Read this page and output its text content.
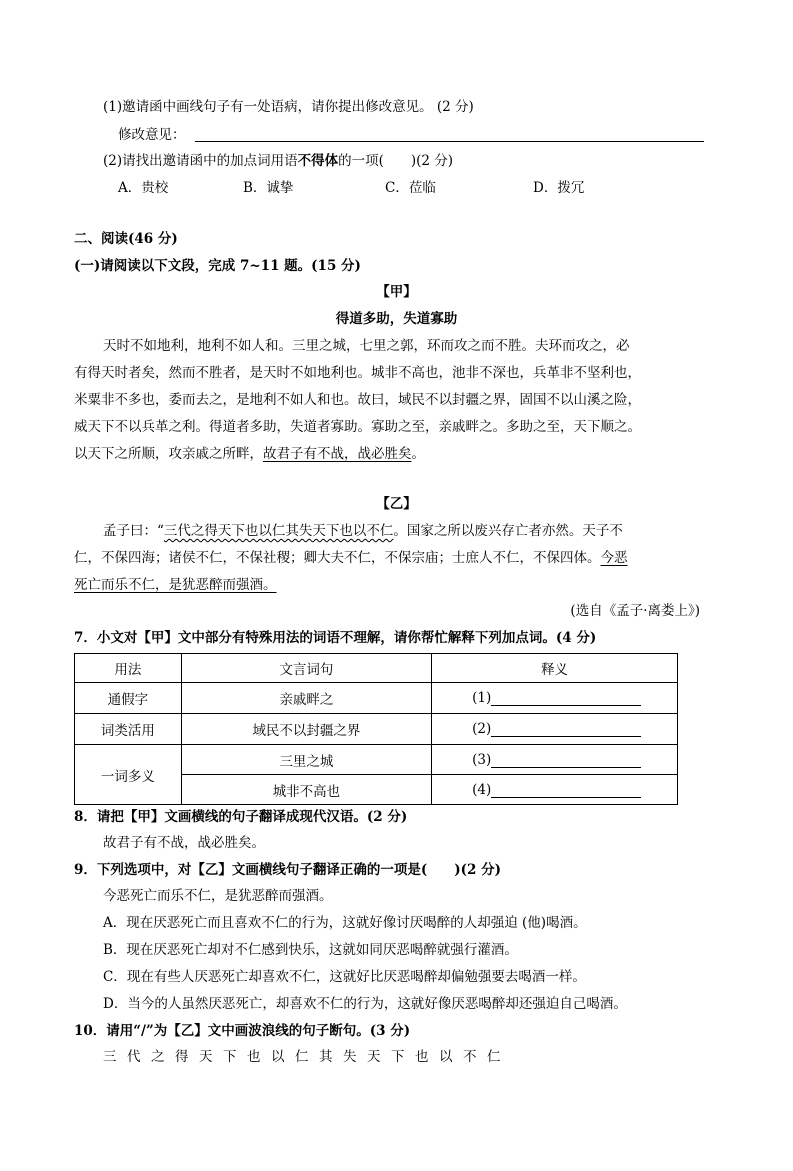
(1)邀请函中画线句子有一处语病，请你提出修改意见。 (2 分)
修改意见：
(2)请找出邀请函中的加点词用语不得体的一项(　　)(2 分)
A．贵校	B．诚挚	C．莅临	D．拨冗
二、阅读(46 分)
(一)请阅读以下文段，完成 7~11 题。(15 分)
【甲】
得道多助，失道寡助
天时不如地利，地利不如人和。三里之城，七里之郭，环而攻之而不胜。夫环而攻之，必
有得天时者矣，然而不胜者，是天时不如地利也。城非不高也，池非不深也，兵革非不坚利也，
米粟非不多也，委而去之，是地利不如人和也。故曰，域民不以封疆之界，固国不以山溪之险，
威天下不以兵革之利。得道者多助，失道者寡助。寡助之至，亲戚畔之。多助之至，天下顺之。
以天下之所顺，攻亲戚之所畔，故君子有不战，战必胜矣。
【乙】
孟子曰：“三代之得天下也以仁其失天下也以不仁。国家之所以废兴存亡者亦然。天子不
仁，不保四海；诸侯不仁，不保社稷；卿大夫不仁，不保宗庙；士庶人不仁，不保四体。今恶
死亡而乐不仁，是犹恶醉而强酒。
(选自《孟子·离娄上》)
7．小文对【甲】文中部分有特殊用法的词语不理解，请你帮忙解释下列加点词。(4 分)
用法	文言词句	释义
通假字	亲戚畔之	(1)
词类活用	域民不以封疆之界	(2)
一词多义	三里之城	(3)
	城非不高也	(4)
8．请把【甲】文画横线的句子翻译成现代汉语。(2 分)
故君子有不战，战必胜矣。
9．下列选项中，对【乙】文画横线句子翻译正确的一项是(　　)(2 分)
今恶死亡而乐不仁，是犹恶醉而强酒。
A．现在厌恶死亡而且喜欢不仁的行为，这就好像讨厌喝醉的人却强迫 (他)喝酒。
B．现在厌恶死亡却对不仁感到快乐，这就如同厌恶喝醉就强行灌酒。
C．现在有些人厌恶死亡却喜欢不仁，这就好比厌恶喝醉却偏勉强要去喝酒一样。
D．当今的人虽然厌恶死亡，却喜欢不仁的行为，这就好像厌恶喝醉却还强迫自己喝酒。
10．请用“/”为【乙】文中画波浪线的句子断句。(3 分)
三代之得天下也以仁其失天下也以不仁
